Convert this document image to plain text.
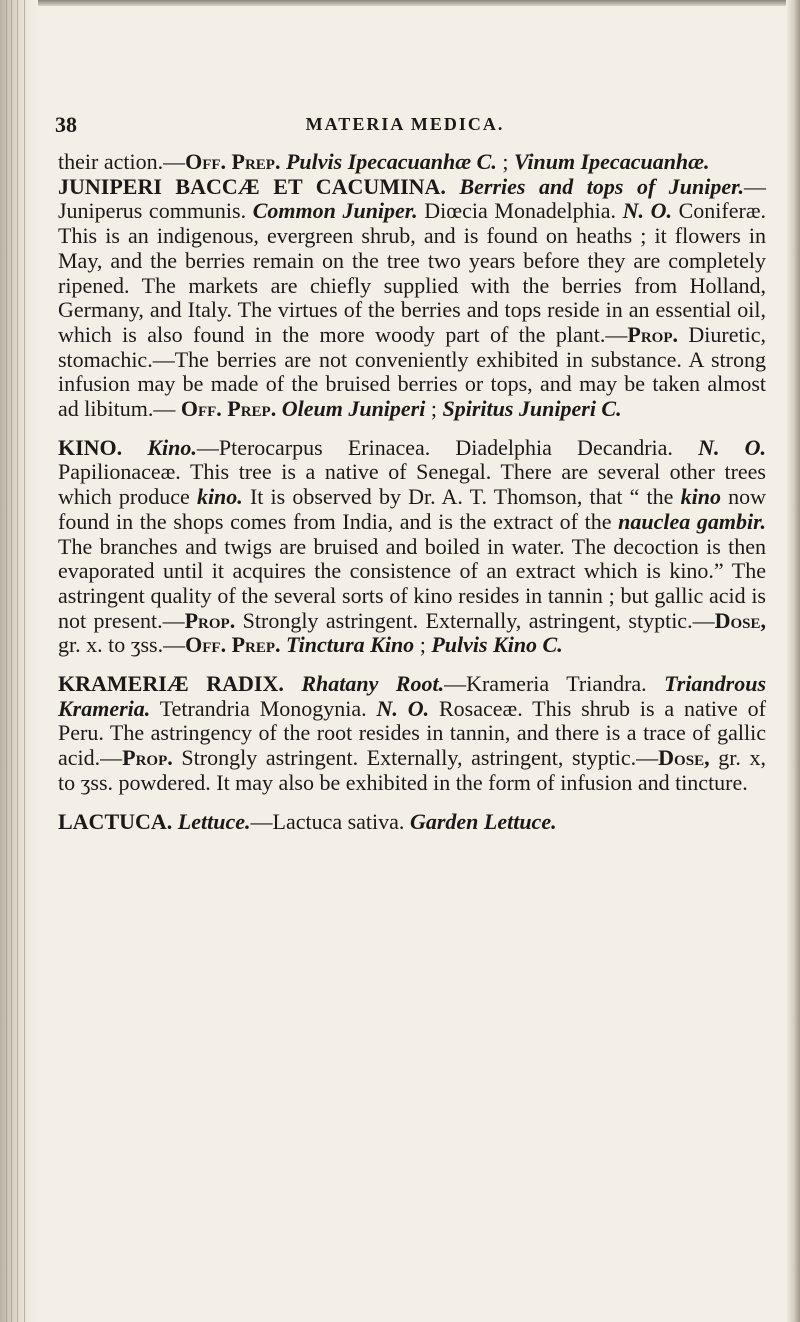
38	MATERIA MEDICA.

their action.—Off. Prep. Pulvis Ipecacuanhæ C. ; Vinum Ipecacuanhæ.

JUNIPERI BACCÆ ET CACUMINA. Berries and tops of Juniper.—Juniperus communis. Common Juniper. Diœcia Monadelphia. N. O. Coniferæ. This is an indigenous, evergreen shrub, and is found on heaths ; it flowers in May, and the berries remain on the tree two years before they are completely ripened. The markets are chiefly supplied with the berries from Holland, Germany, and Italy. The virtues of the berries and tops reside in an essential oil, which is also found in the more woody part of the plant.—Prop. Diuretic, stomachic.—The berries are not conveniently exhibited in substance. A strong infusion may be made of the bruised berries or tops, and may be taken almost ad libitum.— Off. Prep. Oleum Juniperi ; Spiritus Juniperi C.

KINO. Kino.—Pterocarpus Erinacea. Diadelphia Decandria. N. O. Papilionaceæ. This tree is a native of Senegal. There are several other trees which produce kino. It is observed by Dr. A. T. Thomson, that “ the kino now found in the shops comes from India, and is the extract of the nauclea gambir. The branches and twigs are bruised and boiled in water. The decoction is then evaporated until it acquires the consistence of an extract which is kino.” The astringent quality of the several sorts of kino resides in tannin ; but gallic acid is not present.—Prop. Strongly astringent. Externally, astringent, styptic.—Dose, gr. x. to ʒss.—Off. Prep. Tinctura Kino ; Pulvis Kino C.

KRAMERIÆ RADIX. Rhatany Root.—Krameria Triandra. Triandrous Krameria. Tetrandria Monogynia. N. O. Rosaceæ. This shrub is a native of Peru. The astringency of the root resides in tannin, and there is a trace of gallic acid.—Prop. Strongly astringent. Externally, astringent, styptic.—Dose, gr. x, to ʒss. powdered. It may also be exhibited in the form of infusion and tincture.

LACTUCA. Lettuce.—Lactuca sativa. Garden Lettuce.
